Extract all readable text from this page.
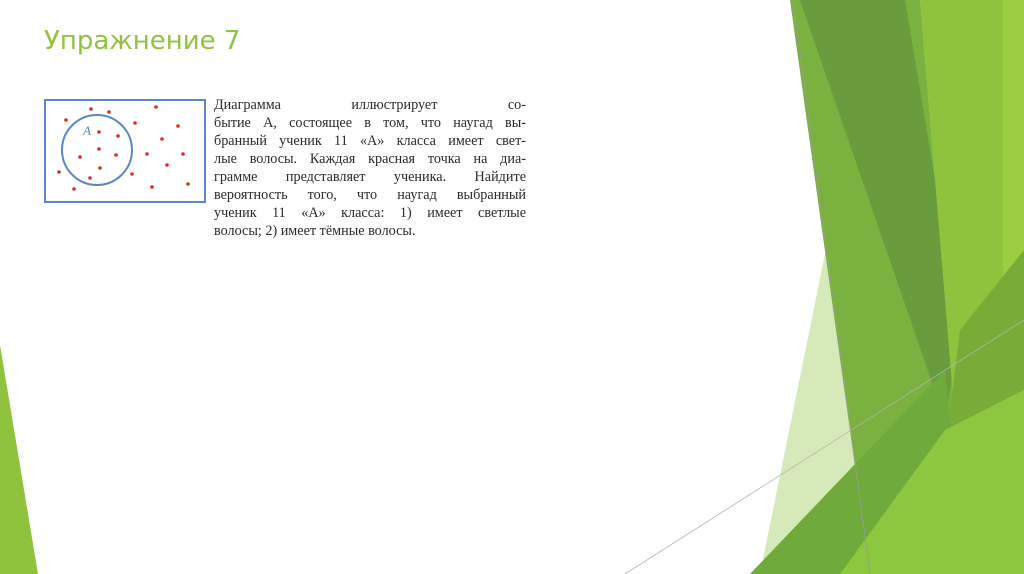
Упражнение 7
A
Диаграмма иллюстрирует со-
бытие A, состоящее в том, что наугад вы-
бранный ученик 11 «A» класса имеет свет-
лые волосы. Каждая красная точка на диа-
грамме представляет ученика. Найдите
вероятность того, что наугад выбранный
ученик 11 «A» класса: 1) имеет светлые
волосы; 2) имеет тёмные волосы.
